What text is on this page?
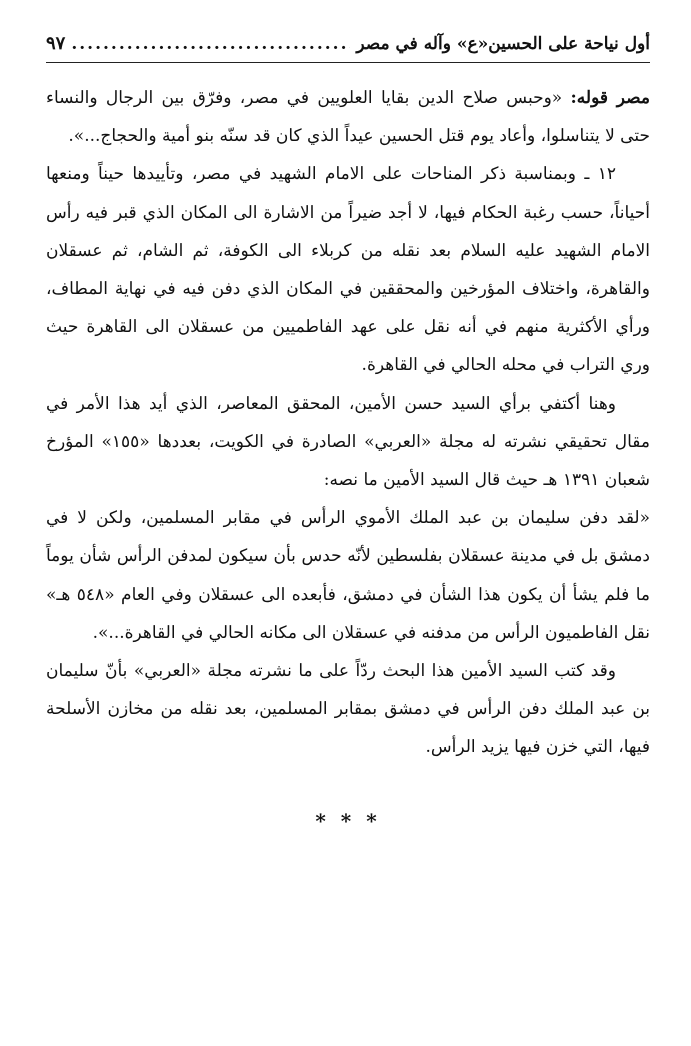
أول نياحة على الحسين«ع» وآله في مصر
.....
٩٧

مصر قوله: «وحبس صلاح الدين بقايا العلويين في مصر، وفرّق بين الرجال والنساء حتى لا يتناسلوا، وأعاد يوم قتل الحسين عيداً الذي كان قد سنّه بنو أمية والحجاج...».

١٢ ـ وبمناسبة ذكر المناحات على الامام الشهيد في مصر، وتأييدها حيناً ومنعها أحياناً، حسب رغبة الحكام فيها، لا أجد ضيراً من الاشارة الى المكان الذي قبر فيه رأس الامام الشهيد عليه السلام بعد نقله من كربلاء الى الكوفة، ثم الشام، ثم عسقلان والقاهرة، واختلاف المؤرخين والمحققين في المكان الذي دفن فيه في نهاية المطاف، ورأي الأكثرية منهم في أنه نقل على عهد الفاطميين من عسقلان الى القاهرة حيث وري التراب في محله الحالي في القاهرة.

وهنا أكتفي برأي السيد حسن الأمين، المحقق المعاصر، الذي أيد هذا الأمر في مقال تحقيقي نشرته له مجلة «العربي» الصادرة في الكويت، بعددها «١٥٥» المؤرخ شعبان ١٣٩١ هـ حيث قال السيد الأمين ما نصه:

«لقد دفن سليمان بن عبد الملك الأموي الرأس في مقابر المسلمين، ولكن لا في دمشق بل في مدينة عسقلان بفلسطين لأنّه حدس بأن سيكون لمدفن الرأس شأن يوماً ما فلم يشأ أن يكون هذا الشأن في دمشق، فأبعده الى عسقلان وفي العام «٥٤٨ هـ» نقل الفاطميون الرأس من مدفنه في عسقلان الى مكانه الحالي في القاهرة...».

وقد كتب السيد الأمين هذا البحث ردّاً على ما نشرته مجلة «العربي» بأنّ سليمان بن عبد الملك دفن الرأس في دمشق بمقابر المسلمين، بعد نقله من مخازن الأسلحة فيها، التي خزن فيها يزيد الرأس.

* * *
